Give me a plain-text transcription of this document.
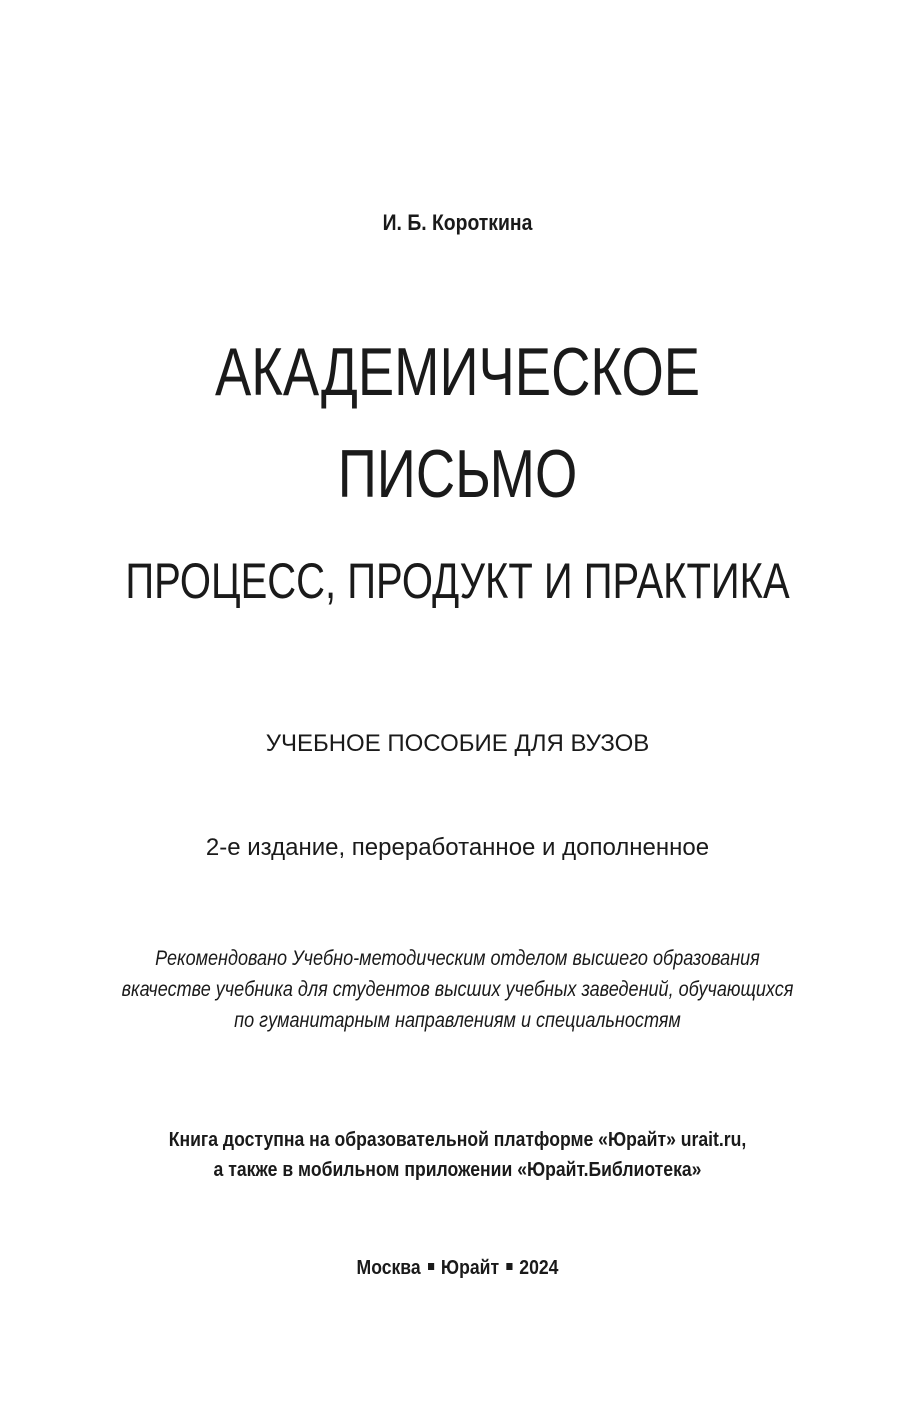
И. Б. Короткина
АКАДЕМИЧЕСКОЕ
ПИСЬМО
ПРОЦЕСС, ПРОДУКТ И ПРАКТИКА
УЧЕБНОЕ ПОСОБИЕ ДЛЯ ВУЗОВ
2-е издание, переработанное и дополненное
Рекомендовано Учебно-методическим отделом высшего образования
вкачестве учебника для студентов высших учебных заведений, обучающихся
по гуманитарным направлениям и специальностям
Книга доступна на образовательной платформе «Юрайт» urait.ru,
а также в мобильном приложении «Юрайт.Библиотека»
Москва Юрайт 2024
